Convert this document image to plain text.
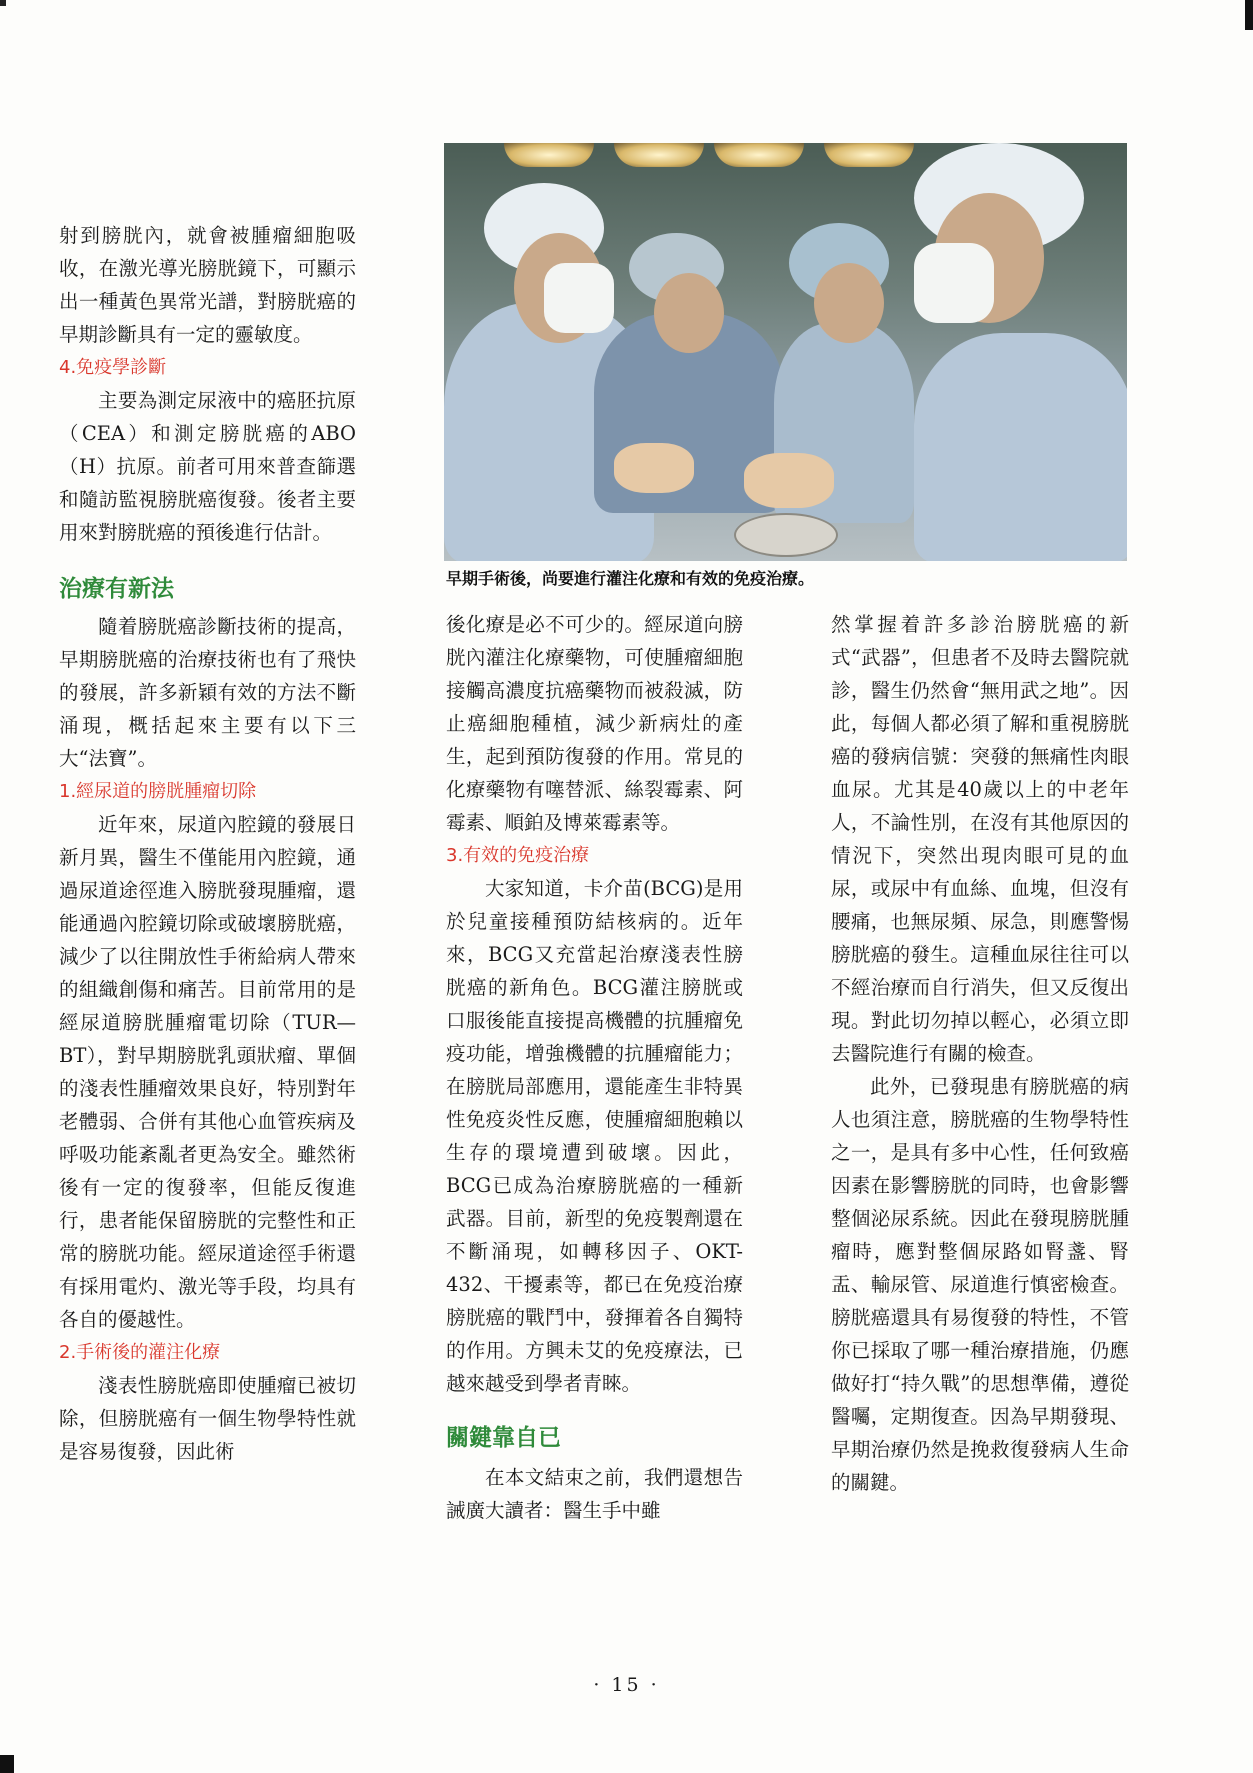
射到膀胱內，就會被腫瘤細胞吸收，在激光導光膀胱鏡下，可顯示出一種黃色異常光譜，對膀胱癌的早期診斷具有一定的靈敏度。

4.免疫學診斷

主要為測定尿液中的癌胚抗原（CEA）和測定膀胱癌的ABO（H）抗原。前者可用來普查篩選和隨訪監視膀胱癌復發。後者主要用來對膀胱癌的預後進行估計。

治療有新法

隨着膀胱癌診斷技術的提高，早期膀胱癌的治療技術也有了飛快的發展，許多新穎有效的方法不斷涌現，概括起來主要有以下三大“法寶”。

1.經尿道的膀胱腫瘤切除

近年來，尿道內腔鏡的發展日新月異，醫生不僅能用內腔鏡，通過尿道途徑進入膀胱發現腫瘤，還能通過內腔鏡切除或破壞膀胱癌，減少了以往開放性手術給病人帶來的組織創傷和痛苦。目前常用的是經尿道膀胱腫瘤電切除（TUR—BT），對早期膀胱乳頭狀瘤、單個的淺表性腫瘤效果良好，特別對年老體弱、合併有其他心血管疾病及呼吸功能紊亂者更為安全。雖然術後有一定的復發率，但能反復進行，患者能保留膀胱的完整性和正常的膀胱功能。經尿道途徑手術還有採用電灼、激光等手段，均具有各自的優越性。

2.手術後的灌注化療

淺表性膀胱癌即使腫瘤已被切除，但膀胱癌有一個生物學特性就是容易復發，因此術

早期手術後，尚要進行灌注化療和有效的免疫治療。

後化療是必不可少的。經尿道向膀胱內灌注化療藥物，可使腫瘤細胞接觸高濃度抗癌藥物而被殺滅，防止癌細胞種植，減少新病灶的產生，起到預防復發的作用。常見的化療藥物有噻替派、絲裂霉素、阿霉素、順鉑及博萊霉素等。

3.有效的免疫治療

大家知道，卡介苗(BCG)是用於兒童接種預防結核病的。近年來，BCG又充當起治療淺表性膀胱癌的新角色。BCG灌注膀胱或口服後能直接提高機體的抗腫瘤免疫功能，增強機體的抗腫瘤能力；在膀胱局部應用，還能產生非特異性免疫炎性反應，使腫瘤細胞賴以生存的環境遭到破壞。因此，BCG已成為治療膀胱癌的一種新武器。目前，新型的免疫製劑還在不斷涌現，如轉移因子、OKT-432、干擾素等，都已在免疫治療膀胱癌的戰鬥中，發揮着各自獨特的作用。方興未艾的免疫療法，已越來越受到學者青睞。

關鍵靠自已

在本文結束之前，我們還想告誡廣大讀者：醫生手中雖

然掌握着許多診治膀胱癌的新式“武器”，但患者不及時去醫院就診，醫生仍然會“無用武之地”。因此，每個人都必須了解和重視膀胱癌的發病信號：突發的無痛性肉眼血尿。尤其是40歲以上的中老年人，不論性別，在沒有其他原因的情況下，突然出現肉眼可見的血尿，或尿中有血絲、血塊，但沒有腰痛，也無尿頻、尿急，則應警惕膀胱癌的發生。這種血尿往往可以不經治療而自行消失，但又反復出現。對此切勿掉以輕心，必須立即去醫院進行有關的檢查。

此外，已發現患有膀胱癌的病人也須注意，膀胱癌的生物學特性之一，是具有多中心性，任何致癌因素在影響膀胱的同時，也會影響整個泌尿系統。因此在發現膀胱腫瘤時，應對整個尿路如腎盞、腎盂、輸尿管、尿道進行慎密檢查。膀胱癌還具有易復發的特性，不管你已採取了哪一種治療措施，仍應做好打“持久戰”的思想準備，遵從醫囑，定期復查。因為早期發現、早期治療仍然是挽救復發病人生命的關鍵。

· 15 ·
